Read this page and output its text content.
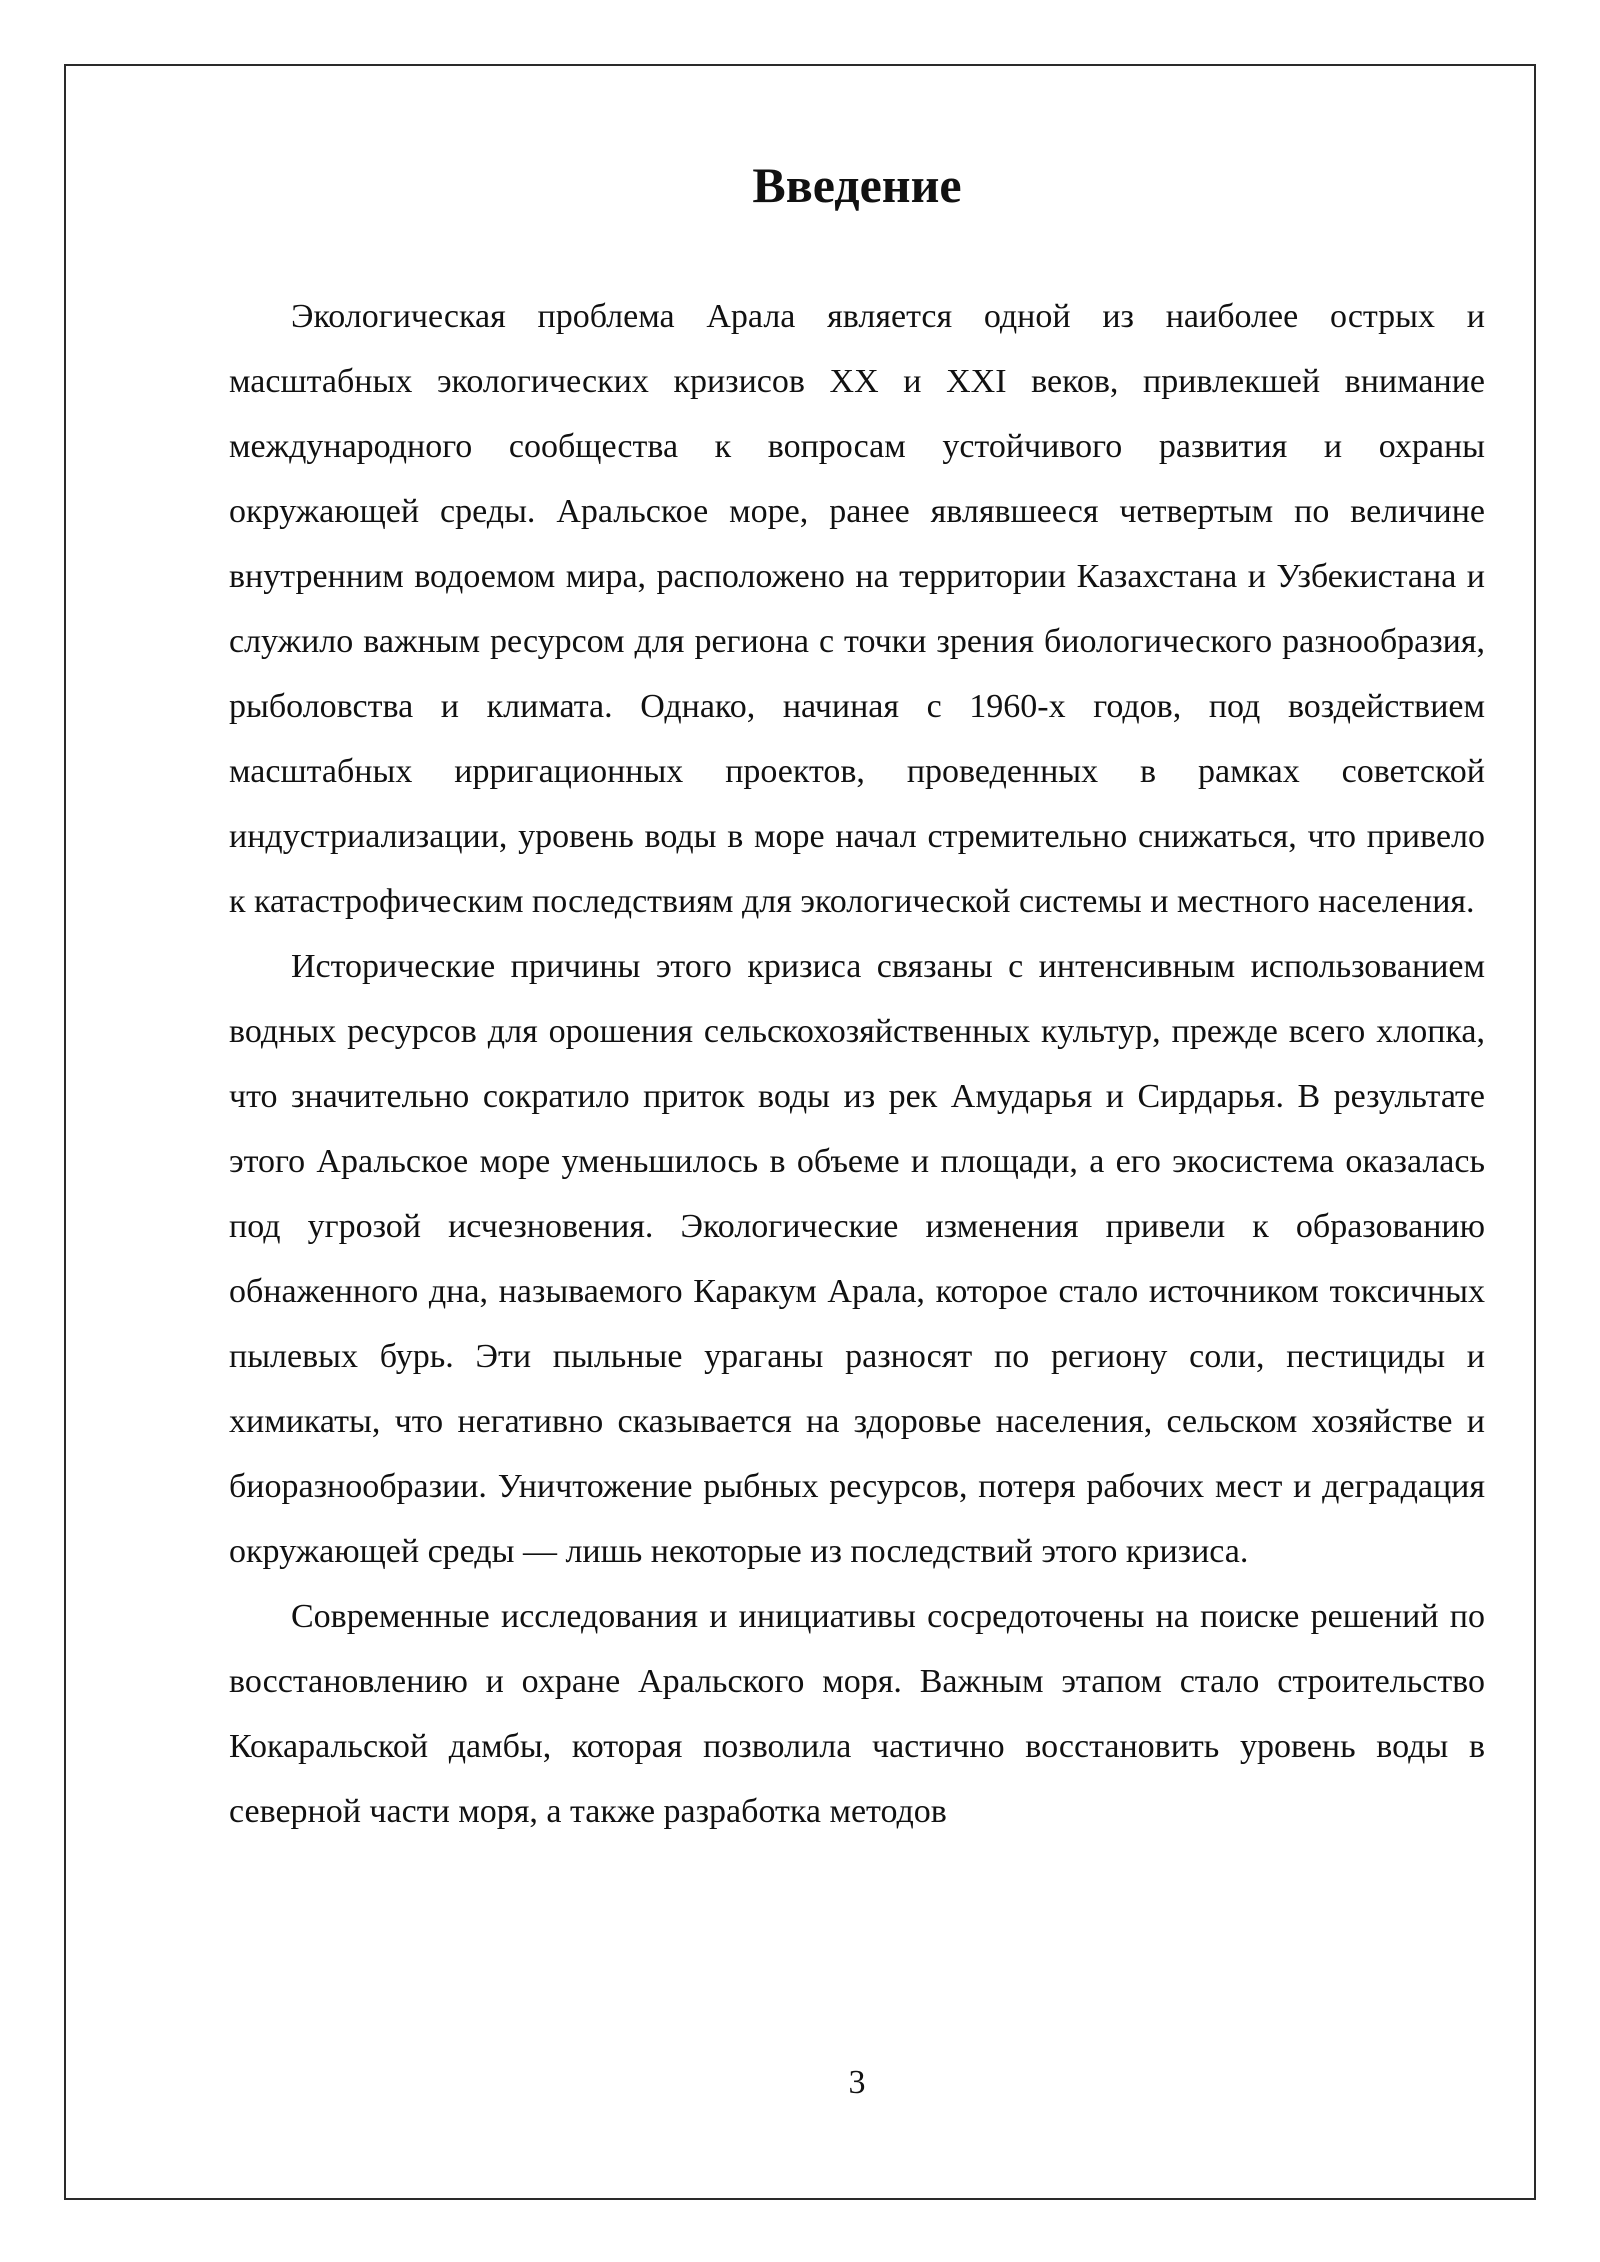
Введение

Экологическая проблема Арала является одной из наиболее острых и масштабных экологических кризисов XX и XXI веков, привлекшей внимание международного сообщества к вопросам устойчивого развития и охраны окружающей среды. Аральское море, ранее являвшееся четвертым по величине внутренним водоемом мира, расположено на территории Казахстана и Узбекистана и служило важным ресурсом для региона с точки зрения биологического разнообразия, рыболовства и климата. Однако, начиная с 1960-х годов, под воздействием масштабных ирригационных проектов, проведенных в рамках советской индустриализации, уровень воды в море начал стремительно снижаться, что привело к катастрофическим последствиям для экологической системы и местного населения.

Исторические причины этого кризиса связаны с интенсивным использованием водных ресурсов для орошения сельскохозяйственных культур, прежде всего хлопка, что значительно сократило приток воды из рек Амударья и Сирдарья. В результате этого Аральское море уменьшилось в объеме и площади, а его экосистема оказалась под угрозой исчезновения. Экологические изменения привели к образованию обнаженного дна, называемого Каракум Арала, которое стало источником токсичных пылевых бурь. Эти пыльные ураганы разносят по региону соли, пестициды и химикаты, что негативно сказывается на здоровье населения, сельском хозяйстве и биоразнообразии. Уничтожение рыбных ресурсов, потеря рабочих мест и деградация окружающей среды — лишь некоторые из последствий этого кризиса.

Современные исследования и инициативы сосредоточены на поиске решений по восстановлению и охране Аральского моря. Важным этапом стало строительство Кокаральской дамбы, которая позволила частично восстановить уровень воды в северной части моря, а также разработка методов

3
